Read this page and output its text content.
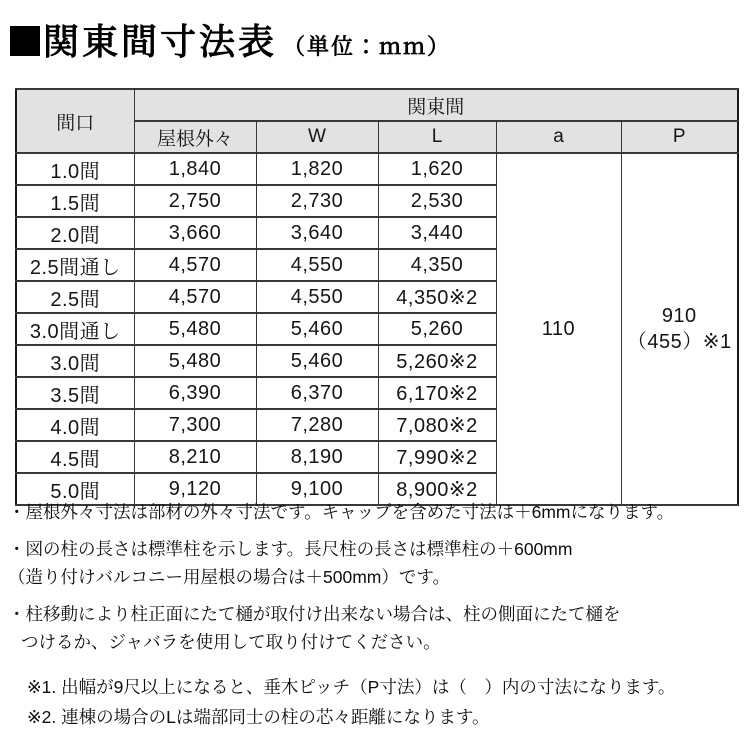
関東間寸法表 （単位：ｍｍ）
間口	関東間				
	屋根外々	W	L	a	P
1.0間	1,840	1,820	1,620	110	910
（455）※1

1.5間	2,750	2,730	2,530		
2.0間	3,660	3,640	3,440		
2.5間通し	4,570	4,550	4,350		
2.5間	4,570	4,550	4,350※2		
3.0間通し	5,480	5,460	5,260		
3.0間	5,480	5,460	5,260※2		
3.5間	6,390	6,370	6,170※2		
4.0間	7,300	7,280	7,080※2		
4.5間	8,210	8,190	7,990※2		
5.0間	9,120	9,100	8,900※2		
・屋根外々寸法は部材の外々寸法です。キャップを含めた寸法は＋6mmになります。
・図の柱の長さは標準柱を示します。長尺柱の長さは標準柱の＋600mm
（造り付けバルコニー用屋根の場合は＋500mm）です。
・柱移動により柱正面にたて樋が取付け出来ない場合は、柱の側面にたて樋を
つけるか、ジャバラを使用して取り付けてください。
※1. 出幅が9尺以上になると、垂木ピッチ（P寸法）は（　）内の寸法になります。
※2. 連棟の場合のLは端部同士の柱の芯々距離になります。
